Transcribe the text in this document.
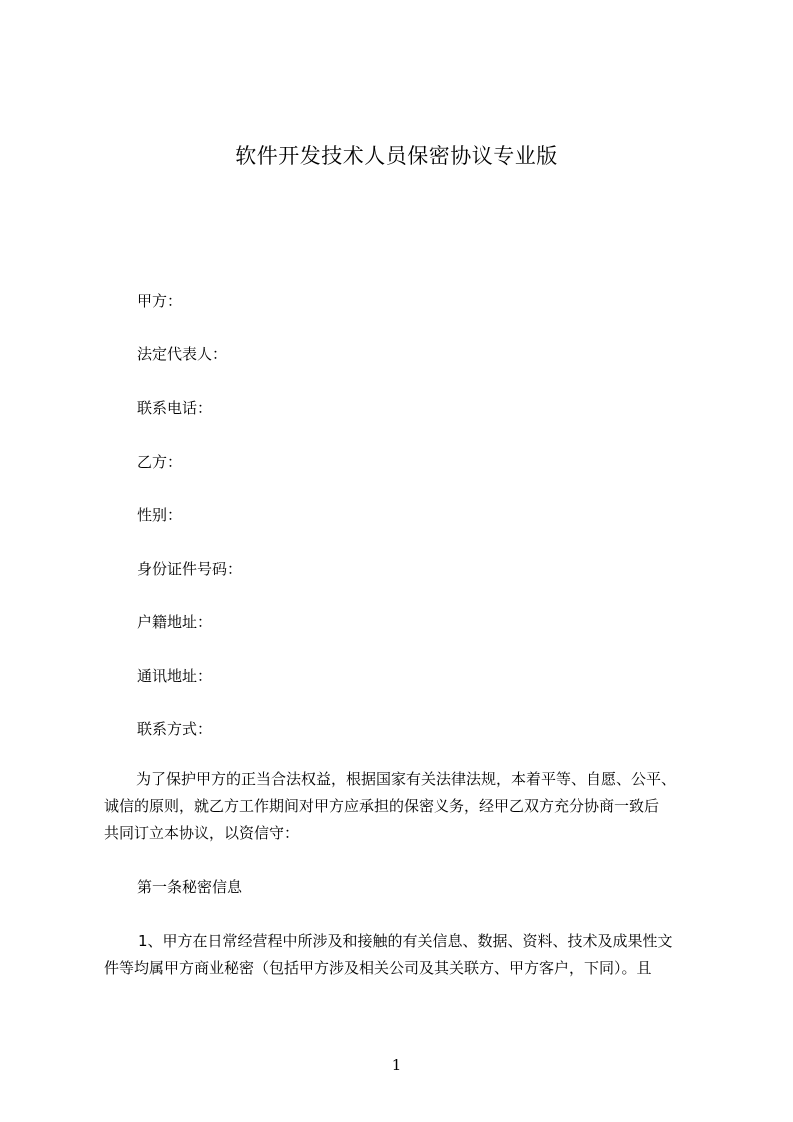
软件开发技术人员保密协议专业版
甲方：
法定代表人：
联系电话：
乙方：
性别：
身份证件号码：
户籍地址：
通讯地址：
联系方式：
为了保护甲方的正当合法权益，根据国家有关法律法规，本着平等、自愿、公平、
诚信的原则，就乙方工作期间对甲方应承担的保密义务，经甲乙双方充分协商一致后
共同订立本协议，以资信守：
第一条秘密信息
1、甲方在日常经营程中所涉及和接触的有关信息、数据、资料、技术及成果性文
件等均属甲方商业秘密（包括甲方涉及相关公司及其关联方、甲方客户，下同）。且
1
